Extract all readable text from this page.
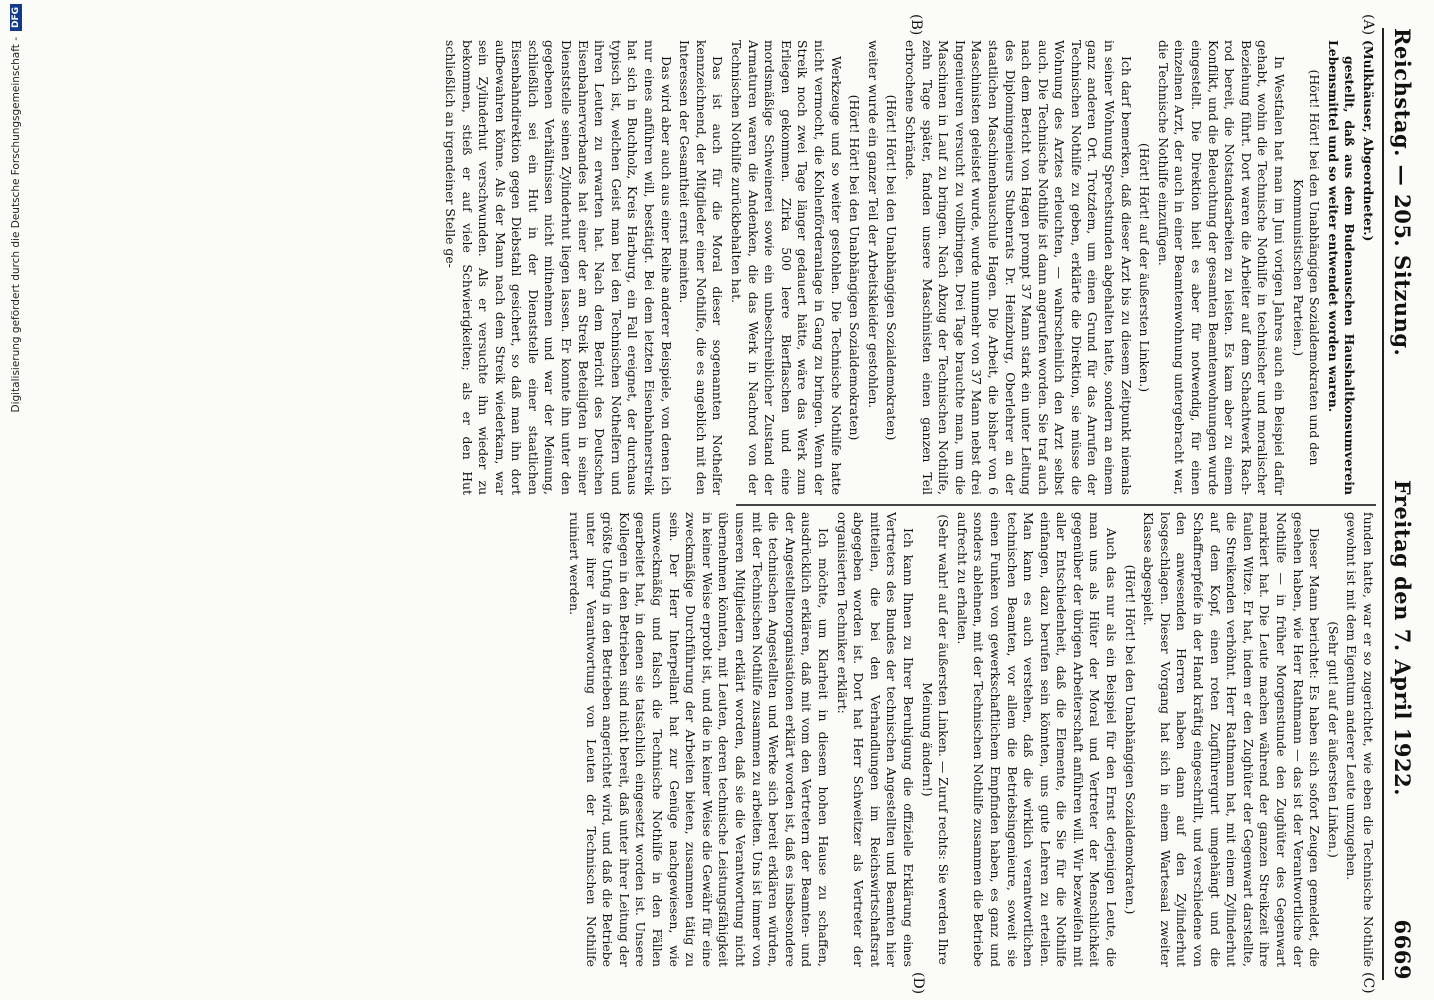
Reichstag. — 205. Sitzung.
Freitag den 7. April 1922.
6669
(A)
(B)
(C)
(D)

(Mulkhäuser, Abgeordneter.)

gestellt, daß aus dem Budenauschen Haushaltkonsumverein Lebensmittel und so weiter entwendet worden waren.

(Hört! Hört! bei den Unabhängigen Sozialdemokraten und den Kommunistischen Parteien.)

In Westfalen hat man im Juni vorigen Jahres auch ein Beispiel dafür gehabt, wohin die Technische Nothilfe in technischer und moralischer Beziehung führt. Dort waren die Arbeiter auf dem Schachtwerk Rach-rod bereit, die Notstandsarbeiten zu leisten. Es kam aber zu einem Konflikt, und die Beleuchtung der gesamten Beamtenwohnungen wurde eingestellt. Die Direktion hielt es aber für notwendig, für einen einzelnen Arzt, der auch in einer Beamtenwohnung untergebracht war, die Technische Nothilfe einzufügen.

(Hört! Hört! auf der äußersten Linken.)

Ich darf bemerken, daß dieser Arzt bis zu diesem Zeitpunkt niemals in seiner Wohnung Sprechstunden abgehalten hatte, sondern an einem ganz anderen Ort. Trotzdem, um einen Grund für das Anrufen der Technischen Nothilfe zu geben, erklärte die Direktion, sie müsse die Wohnung des Arztes erleuchten, — wahrscheinlich den Arzt selbst auch. Die Technische Nothilfe ist dann angerufen worden. Sie traf auch nach dem Bericht von Hagen prompt 37 Mann stark ein unter Leitung des Diplomingenieurs Stubenrats Dr. Heinzburg, Oberlehrer an der staatlichen Maschinenbauschule Hagen. Die Arbeit, die bisher von 6 Maschinisten geleistet wurde, wurde nunmehr von 37 Mann nebst drei Ingenieuren versucht zu vollbringen. Drei Tage brauchte man, um die Maschinen in Lauf zu bringen. Nach Abzug der Technischen Nothilfe, zehn Tage später, fanden unsere Maschinisten einen ganzen Teil erbrochene Schrände.

(Hört! Hört! bei den Unabhängigen Sozialdemokraten)

weiter wurde ein ganzer Teil der Arbeitskleider gestohlen.

(Hört! Hört! bei den Unabhängigen Sozialdemokraten)

Werkzeuge und so weiter gestohlen. Die Technische Nothilfe hatte nicht vermocht, die Kohlenförderanlage in Gang zu bringen. Wenn der Streik noch zwei Tage länger gedauert hätte, wäre das Werk zum Erliegen gekommen. Zirka 500 leere Bierflaschen und eine mordsmäßige Schweinerei sowie ein unbeschreiblicher Zustand der Armaturen waren die Andenken, die das Werk in Nachrod von der Technischen Nothilfe zurückbehalten hat.

Das ist auch für die Moral dieser sogenannten Nothelfer kennzeichnend, der Mitglieder einer Nothilfe, die es angeblich mit den Interessen der Gesamtheit ernst meinten.

Das wird aber auch aus einer Reihe anderer Beispiele, von denen ich nur eines anführen will, bestätigt. Bei dem letzten Eisenbahnerstreik hat sich in Buchholz, Kreis Harburg, ein Fall ereignet, der durchaus typisch ist, welchen Geist man bei den Technischen Nothelfern und ihren Leuten zu erwarten hat. Nach dem Bericht des Deutschen Eisenbahnerverbandes hat einer der am Streik Beteiligten in seiner Dienststelle seinen Zylinderhut liegen lassen. Er konnte ihn unter den gegebenen Verhältnissen nicht mitnehmen und war der Meinung, schließlich sei ein Hut in der Dienststelle einer staatlichen Eisenbahndirektion gegen Diebstahl gesichert, so daß man ihn dort aufbewahren könne. Als der Mann nach dem Streik wiederkam, war sein Zylinderhut verschwunden. Als er versuchte ihn wieder zu bekommen, stieß er auf viele Schwierigkeiten; als er den Hut schließlich an irgendeiner Stelle ge-

funden hatte, war er so zugerichtet, wie eben die Technische Nothilfe gewohnt ist mit dem Eigentum anderer Leute umzugehen.

(Sehr gut! auf der äußersten Linken.)

Dieser Mann berichtet: Es haben sich sofort Zeugen gemeldet, die gesehen haben, wie Herr Rathmann — das ist der Verantwortliche der Nothilfe — in früher Morgenstunde den Zughüter des Gegenwart markiert hat. Die Leute machen während der ganzen Streikzeit ihre faulen Witze. Er hat, indem er den Zughüter der Gegenwart darstellte, die Streikenden verhöhnt. Herr Rathmann hat, mit einem Zylinderhut auf dem Kopf, einen roten Zugführergurt umgehängt und die Schaffnerpfeife in der Hand kräftig eingeschrillt, und verschiedene von den anwesenden Herren haben dann auf den Zylinderhut losgeschlagen. Dieser Vorgang hat sich in einem Wartesaal zweiter Klasse abgespielt.

(Hört! Hört! bei den Unabhängigen Sozialdemokraten.)

Auch das nur als ein Beispiel für den Ernst derjenigen Leute, die man uns als Hüter der Moral und Vertreter der Menschlichkeit gegenüber der übrigen Arbeiterschaft anführen will. Wir bezweifeln mit aller Entschiedenheit, daß die Elemente, die Sie für die Nothilfe einfangen, dazu berufen sein könnten, uns gute Lehren zu erteilen. Man kann es auch verstehen, daß die wirklich verantwortlichen technischen Beamten, vor allem die Betriebsingenieure, soweit sie einen Funken von gewerkschaftlichem Empfinden haben, es ganz und sonders ablehnen, mit der Technischen Nothilfe zusammen die Betriebe aufrecht zu erhalten.

(Sehr wahr! auf der äußersten Linken. — Zuruf rechts: Sie werden Ihre Meinung ändern!)

Ich kann Ihnen zu Ihrer Beruhigung die offizielle Erklärung eines Vertreters des Bundes der technischen Angestellten und Beamten hier mitteilen, die bei den Verhandlungen im Reichswirtschaftsrat abgegeben worden ist. Dort hat Herr Schweitzer als Vertreter der organisierten Techniker erklärt:

Ich möchte, um Klarheit in diesem hohen Hause zu schaffen, ausdrücklich erklären, daß mit vom den Vertretern der Beamten- und der Angestelltenorganisationen erklärt worden ist, daß es insbesondere die technischen Angestellten und Werke sich bereit erklären würden, mit der Technischen Nothilfe zusammen zu arbeiten. Uns ist immer von unseren Mitgliedern erklärt worden, daß sie die Verantwortung nicht übernehmen könnten, mit Leuten, deren technische Leistungsfähigkeit in keiner Weise erprobt ist, und die in keiner Weise die Gewähr für eine zweckmäßige Durchführung der Arbeiten bieten, zusammen tätig zu sein. Der Herr Interpellant hat zur Genüge nachgewiesen, wie unzweckmäßig und falsch die Technische Nothilfe in den Fällen gearbeitet hat, in denen sie tatsächlich eingesetzt worden ist. Unsere Kollegen in den Betrieben sind nicht bereit, daß unter ihrer Leitung der größte Unfug in den Betrieben angerichtet wird, und daß die Betriebe unter ihrer Verantwortung von Leuten der Technischen Nothilfe ruiniert werden.

DFG
Digitalisierung gefördert durch die Deutsche Forschungsgemeinschaft -
